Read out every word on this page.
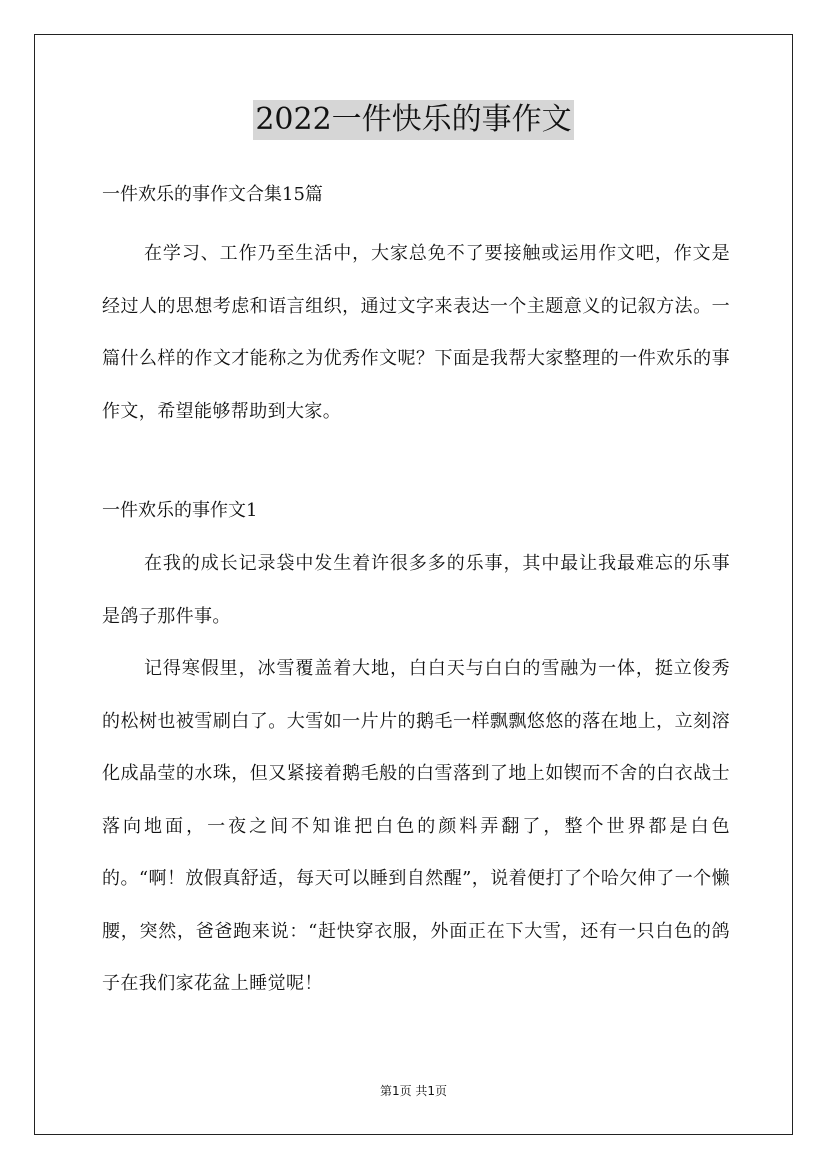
2022一件快乐的事作文

一件欢乐的事作文合集15篇

在学习、工作乃至生活中，大家总免不了要接触或运用作文吧，作文是经过人的思想考虑和语言组织，通过文字来表达一个主题意义的记叙方法。一篇什么样的作文才能称之为优秀作文呢？下面是我帮大家整理的一件欢乐的事作文，希望能够帮助到大家。

一件欢乐的事作文1

在我的成长记录袋中发生着许很多多的乐事，其中最让我最难忘的乐事是鸽子那件事。

记得寒假里，冰雪覆盖着大地，白白天与白白的雪融为一体，挺立俊秀的松树也被雪刷白了。大雪如一片片的鹅毛一样飘飘悠悠的落在地上，立刻溶化成晶莹的水珠，但又紧接着鹅毛般的白雪落到了地上如锲而不舍的白衣战士落向地面，一夜之间不知谁把白色的颜料弄翻了，整个世界都是白色的。“啊！放假真舒适，每天可以睡到自然醒”，说着便打了个哈欠伸了一个懒腰，突然，爸爸跑来说：“赶快穿衣服，外面正在下大雪，还有一只白色的鸽子在我们家花盆上睡觉呢！

第1页 共1页
